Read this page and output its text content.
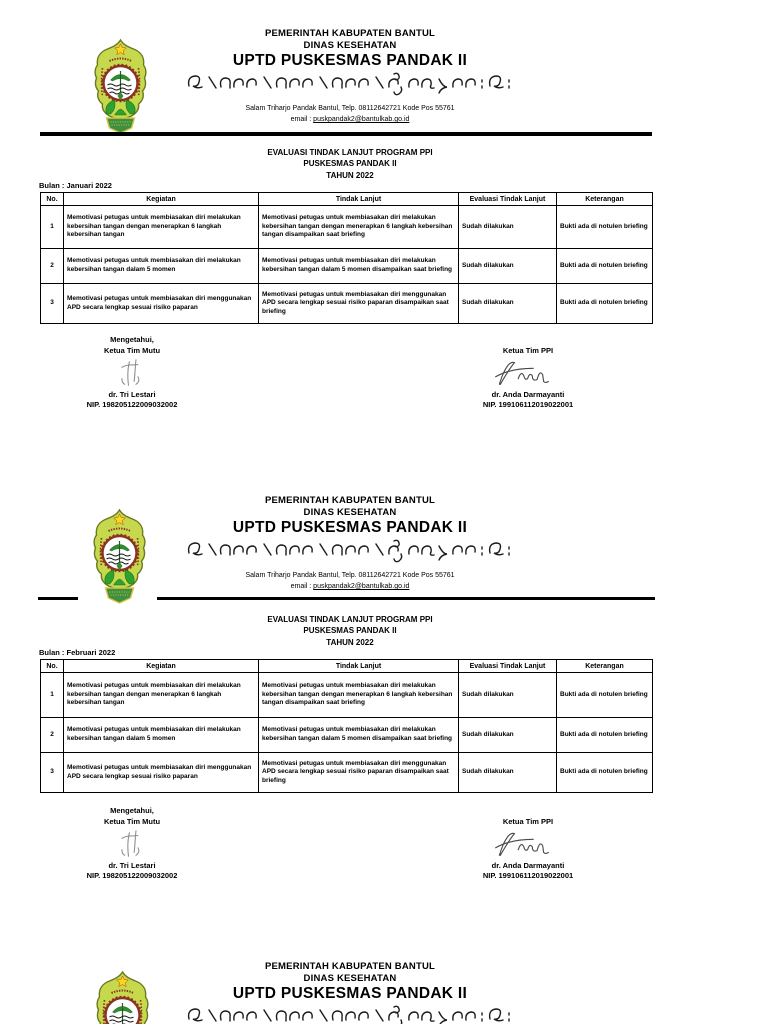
PEMERINTAH KABUPATEN BANTUL
DINAS KESEHATAN
UPTD PUSKESMAS PANDAK II
Salam Triharjo Pandak Bantul, Telp. 08112642721 Kode Pos 55761
email : puskpandak2@bantulkab.go.id
EVALUASI TINDAK LANJUT PROGRAM PPI
PUSKESMAS PANDAK II
TAHUN 2022
Bulan : Januari 2022
No.	Kegiatan	Tindak Lanjut	Evaluasi Tindak Lanjut	Keterangan
1	Memotivasi petugas untuk membiasakan diri melakukan kebersihan tangan dengan menerapkan 6 langkah kebersihan tangan	Memotivasi petugas untuk membiasakan diri melakukan kebersihan tangan dengan menerapkan 6 langkah kebersihan tangan disampaikan saat briefing	Sudah dilakukan	Bukti ada di notulen briefing
2	Memotivasi petugas untuk membiasakan diri melakukan kebersihan tangan dalam 5 momen	Memotivasi petugas untuk membiasakan diri melakukan kebersihan tangan dalam 5 momen disampaikan saat briefing	Sudah dilakukan	Bukti ada di notulen briefing
3	Memotivasi petugas untuk membiasakan diri menggunakan APD secara lengkap sesuai risiko paparan	Memotivasi petugas untuk membiasakan diri menggunakan APD secara lengkap sesuai risiko paparan disampaikan saat briefing	Sudah dilakukan	Bukti ada di notulen briefing
Mengetahui,
Ketua Tim Mutu
dr. Tri Lestari
NIP. 198205122009032002
Ketua Tim PPI
dr. Anda Darmayanti
NIP. 199106112019022001
PEMERINTAH KABUPATEN BANTUL
DINAS KESEHATAN
UPTD PUSKESMAS PANDAK II
Salam Triharjo Pandak Bantul, Telp. 08112642721 Kode Pos 55761
email : puskpandak2@bantulkab.go.id
EVALUASI TINDAK LANJUT PROGRAM PPI
PUSKESMAS PANDAK II
TAHUN 2022
Bulan : Februari 2022
No.	Kegiatan	Tindak Lanjut	Evaluasi Tindak Lanjut	Keterangan
1	Memotivasi petugas untuk membiasakan diri melakukan kebersihan tangan dengan menerapkan 6 langkah kebersihan tangan	Memotivasi petugas untuk membiasakan diri melakukan kebersihan tangan dengan menerapkan 6 langkah kebersihan tangan disampaikan saat briefing	Sudah dilakukan	Bukti ada di notulen briefing
2	Memotivasi petugas untuk membiasakan diri melakukan kebersihan tangan dalam 5 momen	Memotivasi petugas untuk membiasakan diri melakukan kebersihan tangan dalam 5 momen disampaikan saat briefing	Sudah dilakukan	Bukti ada di notulen briefing
3	Memotivasi petugas untuk membiasakan diri menggunakan APD secara lengkap sesuai risiko paparan	Memotivasi petugas untuk membiasakan diri menggunakan APD secara lengkap sesuai risiko paparan disampaikan saat briefing	Sudah dilakukan	Bukti ada di notulen briefing
Mengetahui,
Ketua Tim Mutu
dr. Tri Lestari
NIP. 198205122009032002
Ketua Tim PPI
dr. Anda Darmayanti
NIP. 199106112019022001
PEMERINTAH KABUPATEN BANTUL
DINAS KESEHATAN
UPTD PUSKESMAS PANDAK II
